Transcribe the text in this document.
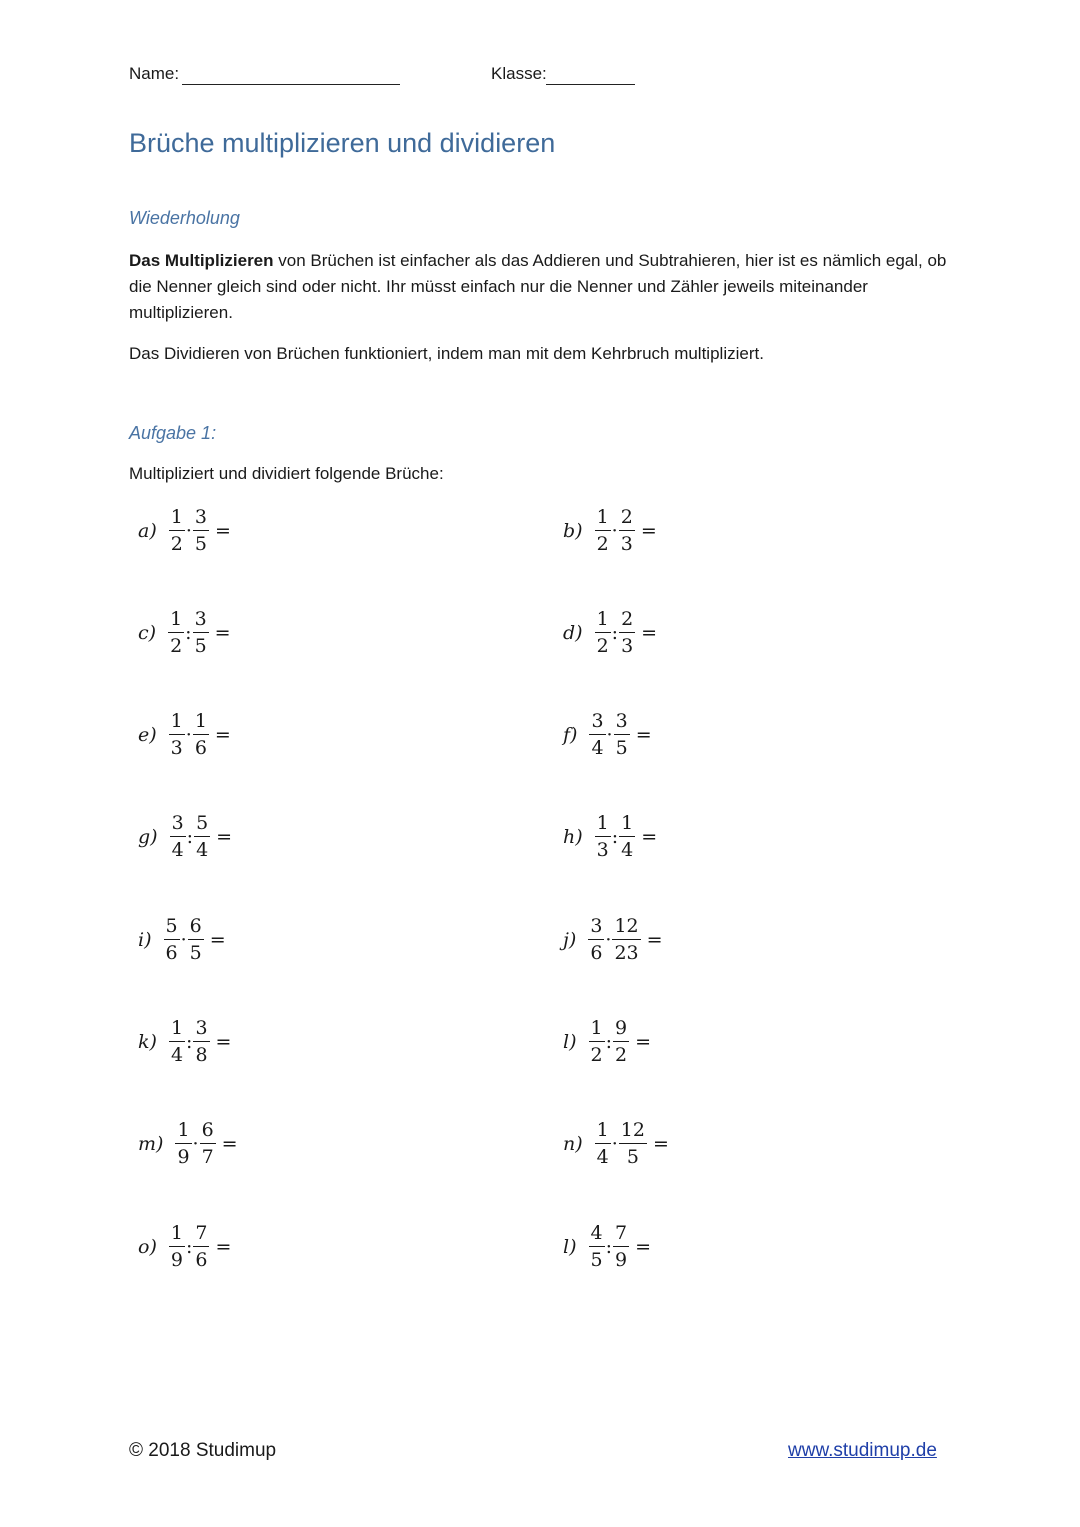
Name:	Klasse:
Brüche multiplizieren und dividieren
Wiederholung
Das Multiplizieren von Brüchen ist einfacher als das Addieren und Subtrahieren, hier ist es nämlich egal, ob die Nenner gleich sind oder nicht. Ihr müsst einfach nur die Nenner und Zähler jeweils miteinander multiplizieren.
Das Dividieren von Brüchen funktioniert, indem man mit dem Kehrbruch multipliziert.
Aufgabe 1:
Multipliziert und dividiert folgende Brüche:
$a) \frac{1}{2} \cdot \frac{3}{5}$ =	$b) \frac{1}{2} \cdot \frac{2}{3}$ =
$c) \frac{1}{2}$ : $\frac{3}{5}$ =	$d) \frac{1}{2}$ : $\frac{2}{3}$ =
$e) \frac{1}{3} \cdot \frac{1}{6}$ =	$f) \frac{3}{4} \cdot \frac{3}{5}$ =
$g) \frac{3}{4}$ : $\frac{5}{4}$ =	$h) \frac{1}{3}$ : $\frac{1}{4}$ =
$i) \frac{5}{6} \cdot \frac{6}{5}$ =	$j) \frac{3}{6} \cdot \frac{12}{23}$ =
$k) \frac{1}{4}$ : $\frac{3}{8}$ =	$l) \frac{1}{2}$ : $\frac{9}{2}$ =
$m) \frac{1}{9} \cdot \frac{6}{7}$ =	$n) \frac{1}{4} \cdot \frac{12}{5}$ =
$o) \frac{1}{9}$ : $\frac{7}{6}$ =	$l) \frac{4}{5}$ : $\frac{7}{9}$ =
© 2018 Studimup	www.studimup.de
